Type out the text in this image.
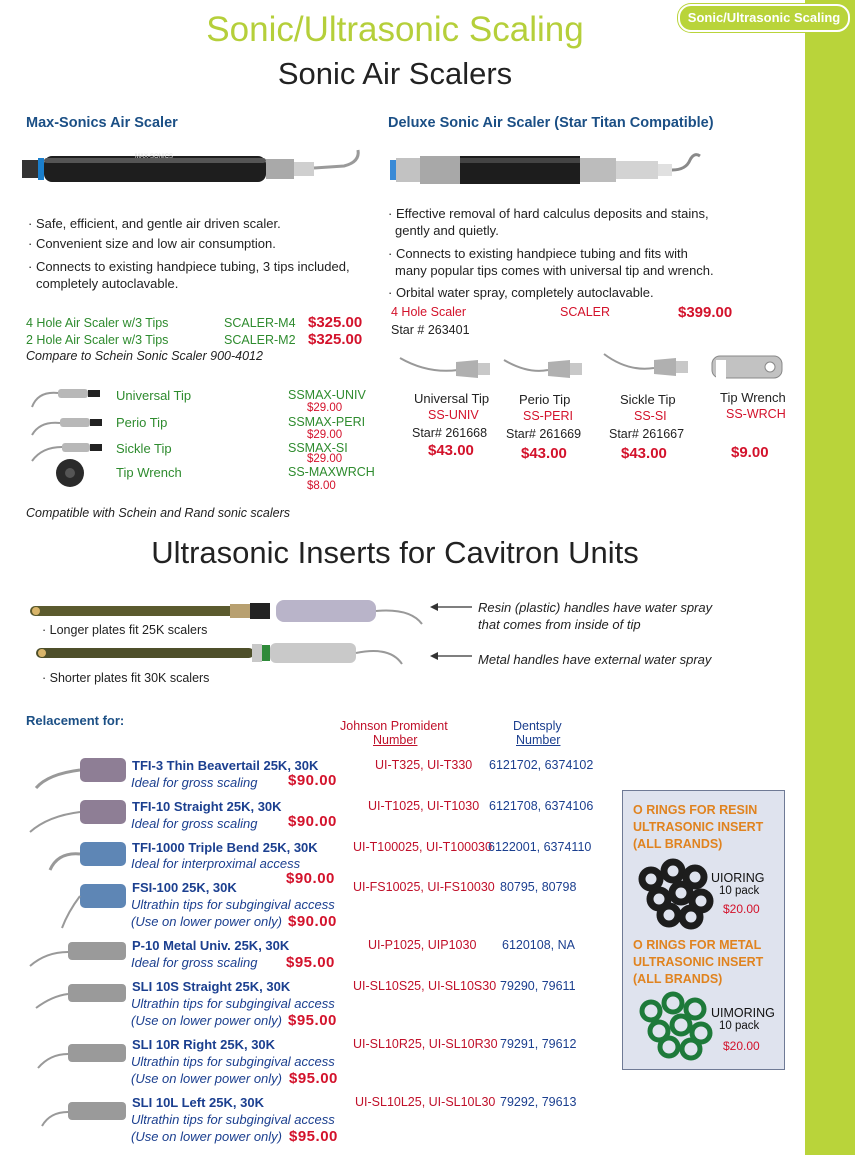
Sonic/Ultrasonic Scaling
Sonic/Ultrasonic Scaling
Sonic Air Scalers
Max-Sonics Air Scaler
MAX-SONICS
· Safe, efficient, and gentle air driven scaler.
· Convenient size and low air consumption.
· Connects to existing handpiece tubing, 3 tips included,
completely autoclavable.
4 Hole Air Scaler w/3 Tips	SCALER-M4 $325.00
2 Hole Air Scaler w/3 Tips	SCALER-M2 $325.00
Compare to Schein Sonic Scaler 900-4012
Universal Tip	SSMAX-UNIV
$29.00
Perio Tip	SSMAX-PERI
$29.00
Sickle Tip	SSMAX-SI
$29.00
Tip Wrench	SS-MAXWRCH
$8.00
Compatible with Schein and Rand sonic scalers
Deluxe Sonic Air Scaler (Star Titan Compatible)
· Effective removal of hard calculus deposits and stains,
gently and quietly.
· Connects to existing handpiece tubing and fits with
many popular tips comes with universal tip and wrench.
· Orbital water spray, completely autoclavable.
4 Hole Scaler	SCALER	$399.00
Star # 263401
Universal Tip
SS-UNIV
Star# 261668
$43.00
Perio Tip
SS-PERI
Star# 261669
$43.00
Sickle Tip
SS-SI
Star# 261667
$43.00
Tip Wrench
SS-WRCH
$9.00
Ultrasonic Inserts for Cavitron Units
· Longer plates fit 25K scalers
· Shorter plates fit 30K scalers
Resin (plastic) handles have water spray
that comes from inside of tip
Metal handles have external water spray
Relacement for:	Johnson Promident
Number
Dentsply
Number
TFI-3 Thin Beavertail 25K, 30K
Ideal for gross scaling $90.00
UI-T325, UI-T330 6121702, 6374102
TFI-10 Straight 25K, 30K
Ideal for gross scaling $90.00
UI-T1025, UI-T1030 6121708, 6374106
TFI-1000 Triple Bend 25K, 30K
Ideal for interproximal access
$90.00
UI-T100025, UI-T100030
6122001, 6374110
FSI-100 25K, 30K
Ultrathin tips for subgingival access
(Use on lower power only) $90.00
UI-FS10025, UI-FS10030 80795, 80798
P-10 Metal Univ. 25K, 30K
Ideal for gross scaling $95.00
UI-P1025, UIP1030 6120108, NA
SLI 10S Straight 25K, 30K
Ultrathin tips for subgingival access
(Use on lower power only) $95.00
UI-SL10S25, UI-SL10S30 79290, 79611
SLI 10R Right 25K, 30K
Ultrathin tips for subgingival access
(Use on lower power only) $95.00
UI-SL10R25, UI-SL10R30 79291, 79612
SLI 10L Left 25K, 30K
Ultrathin tips for subgingival access
(Use on lower power only) $95.00
UI-SL10L25, UI-SL10L30 79292, 79613
O RINGS FOR RESIN
ULTRASONIC INSERT
(ALL BRANDS)
UIORING
10 pack
$20.00
O RINGS FOR METAL
ULTRASONIC INSERT
(ALL BRANDS)
UIMORING
10 pack
$20.00
